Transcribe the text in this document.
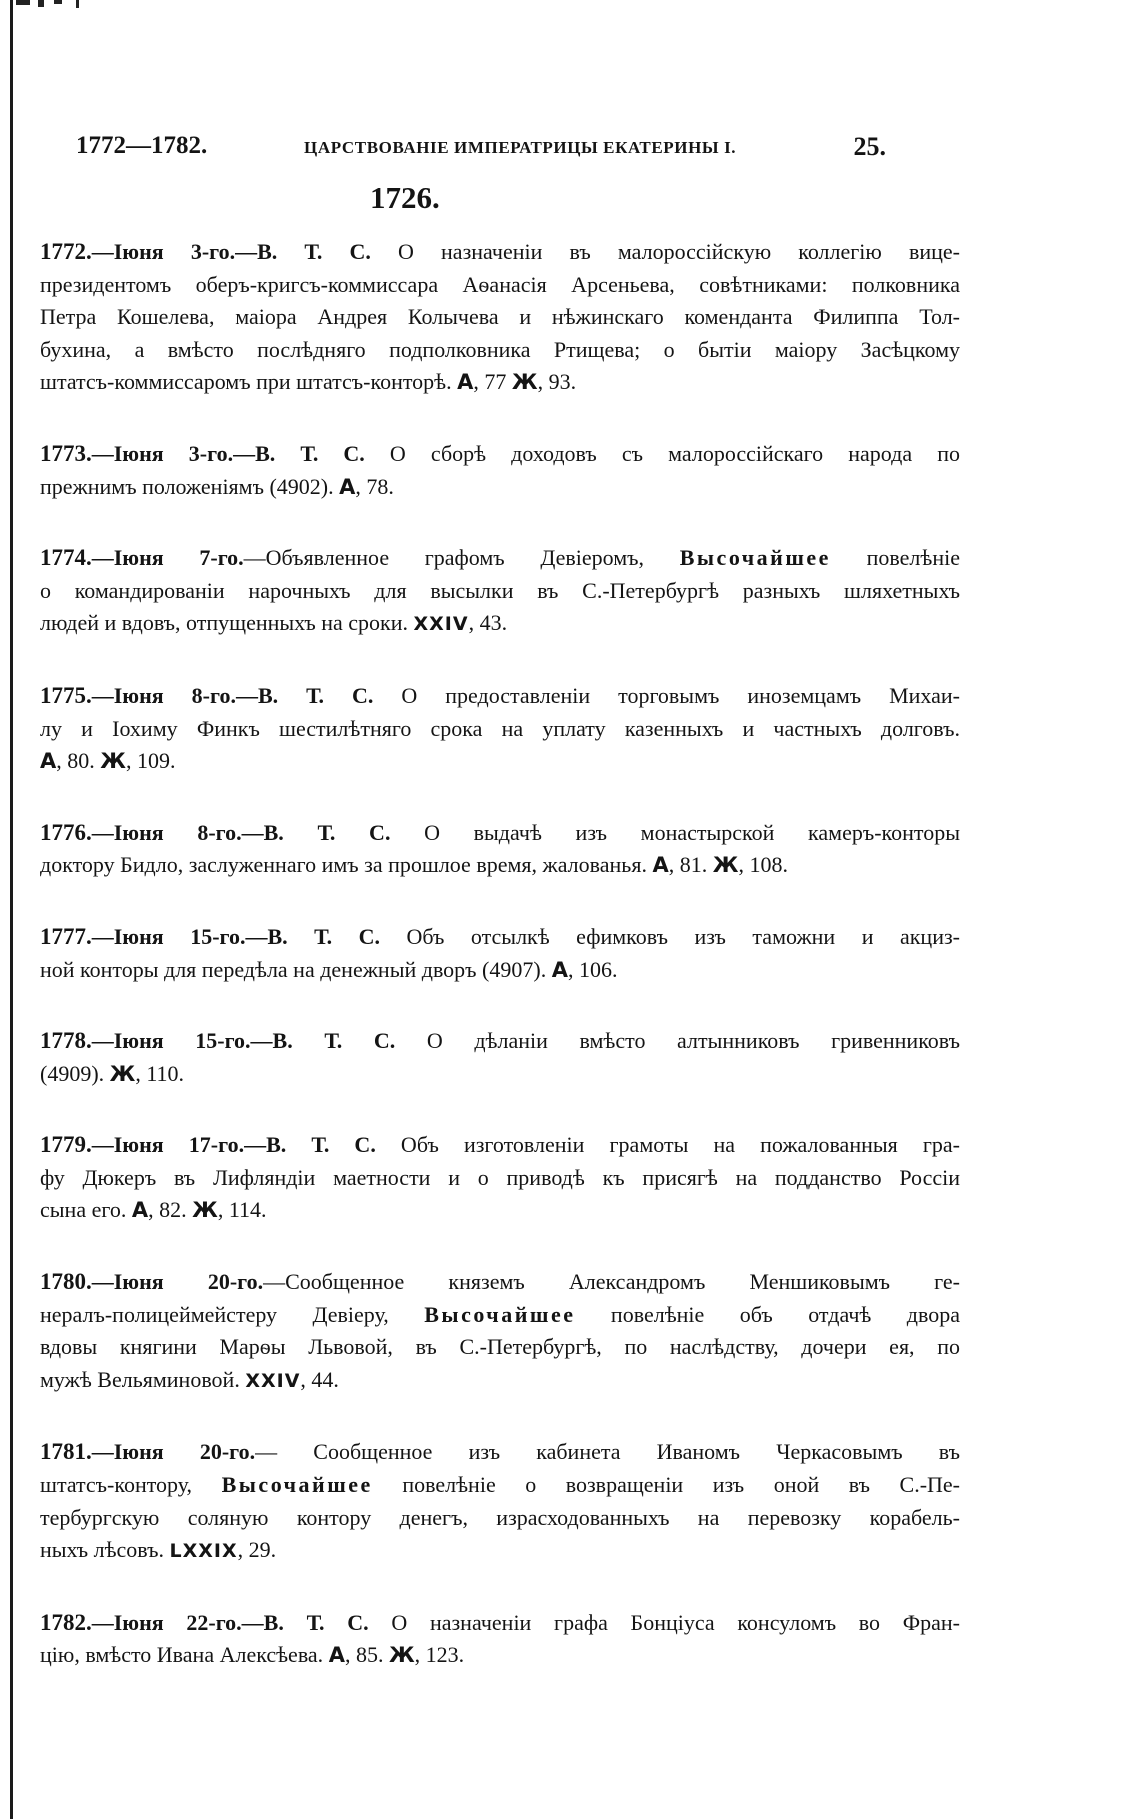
1772—1782.	ЦАРСТВОВАНІЕ ИМПЕРАТРИЦЫ ЕКАТЕРИНЫ I.	25.
1726.
1772.—Іюня 3-го.—В. Т. С. О назначеніи въ малороссійскую коллегію вице-
президентомъ оберъ-кригсъ-коммиссара Аѳанасія Арсеньева, совѣтниками: полковника
Петра Кошелева, маіора Андрея Колычева и нѣжинскаго коменданта Филиппа Тол-
бухина, а вмѣсто послѣдняго подполковника Ртищева; о бытіи маіору Засѣцкому
штатсъ-коммиссаромъ при штатсъ-конторѣ. A, 77 Ж, 93.
1773.—Іюня 3-го.—В. Т. С. О сборѣ доходовъ съ малороссійскаго народа по
прежнимъ положеніямъ (4902). A, 78.
1774.—Іюня 7-го.—Объявленное графомъ Девіеромъ, Высочайшее повелѣніе
о командированіи нарочныхъ для высылки въ С.-Петербургѣ разныхъ шляхетныхъ
людей и вдовъ, отпущенныхъ на сроки. XXIV, 43.
1775.—Іюня 8-го.—В. Т. С. О предоставленіи торговымъ иноземцамъ Михаи-
лу и Іохиму Финкъ шестилѣтняго срока на уплату казенныхъ и частныхъ долговъ.
A, 80. Ж, 109.
1776.—Іюня 8-го.—В. Т. С. О выдачѣ изъ монастырской камеръ-конторы
доктору Бидло, заслуженнаго имъ за прошлое время, жалованья. A, 81. Ж, 108.
1777.—Іюня 15-го.—В. Т. С. Объ отсылкѣ ефимковъ изъ таможни и акциз-
ной конторы для передѣла на денежный дворъ (4907). A, 106.
1778.—Іюня 15-го.—В. Т. С. О дѣланіи вмѣсто алтынниковъ гривенниковъ
(4909). Ж, 110.
1779.—Іюня 17-го.—В. Т. С. Объ изготовленіи грамоты на пожалованныя гра-
фу Дюкеръ въ Лифляндіи маетности и о приводѣ къ присягѣ на подданство Россіи
сына его. A, 82. Ж, 114.
1780.—Іюня 20-го.—Сообщенное княземъ Александромъ Меншиковымъ ге-
нералъ-полицеймейстеру Девіеру, Высочайшее повелѣніе объ отдачѣ двора
вдовы княгини Марѳы Львовой, въ С.-Петербургѣ, по наслѣдству, дочери ея, по
мужѣ Вельяминовой. XXIV, 44.
1781.—Іюня 20-го.— Сообщенное изъ кабинета Иваномъ Черкасовымъ въ
штатсъ-контору, Высочайшее повелѣніе о возвращеніи изъ оной въ С.-Пе-
тербургскую соляную контору денегъ, израсходованныхъ на перевозку корабель-
ныхъ лѣсовъ. LXXIX, 29.
1782.—Іюня 22-го.—В. Т. С. О назначеніи графа Бонціуса консуломъ во Фран-
цію, вмѣсто Ивана Алексѣева. A, 85. Ж, 123.
